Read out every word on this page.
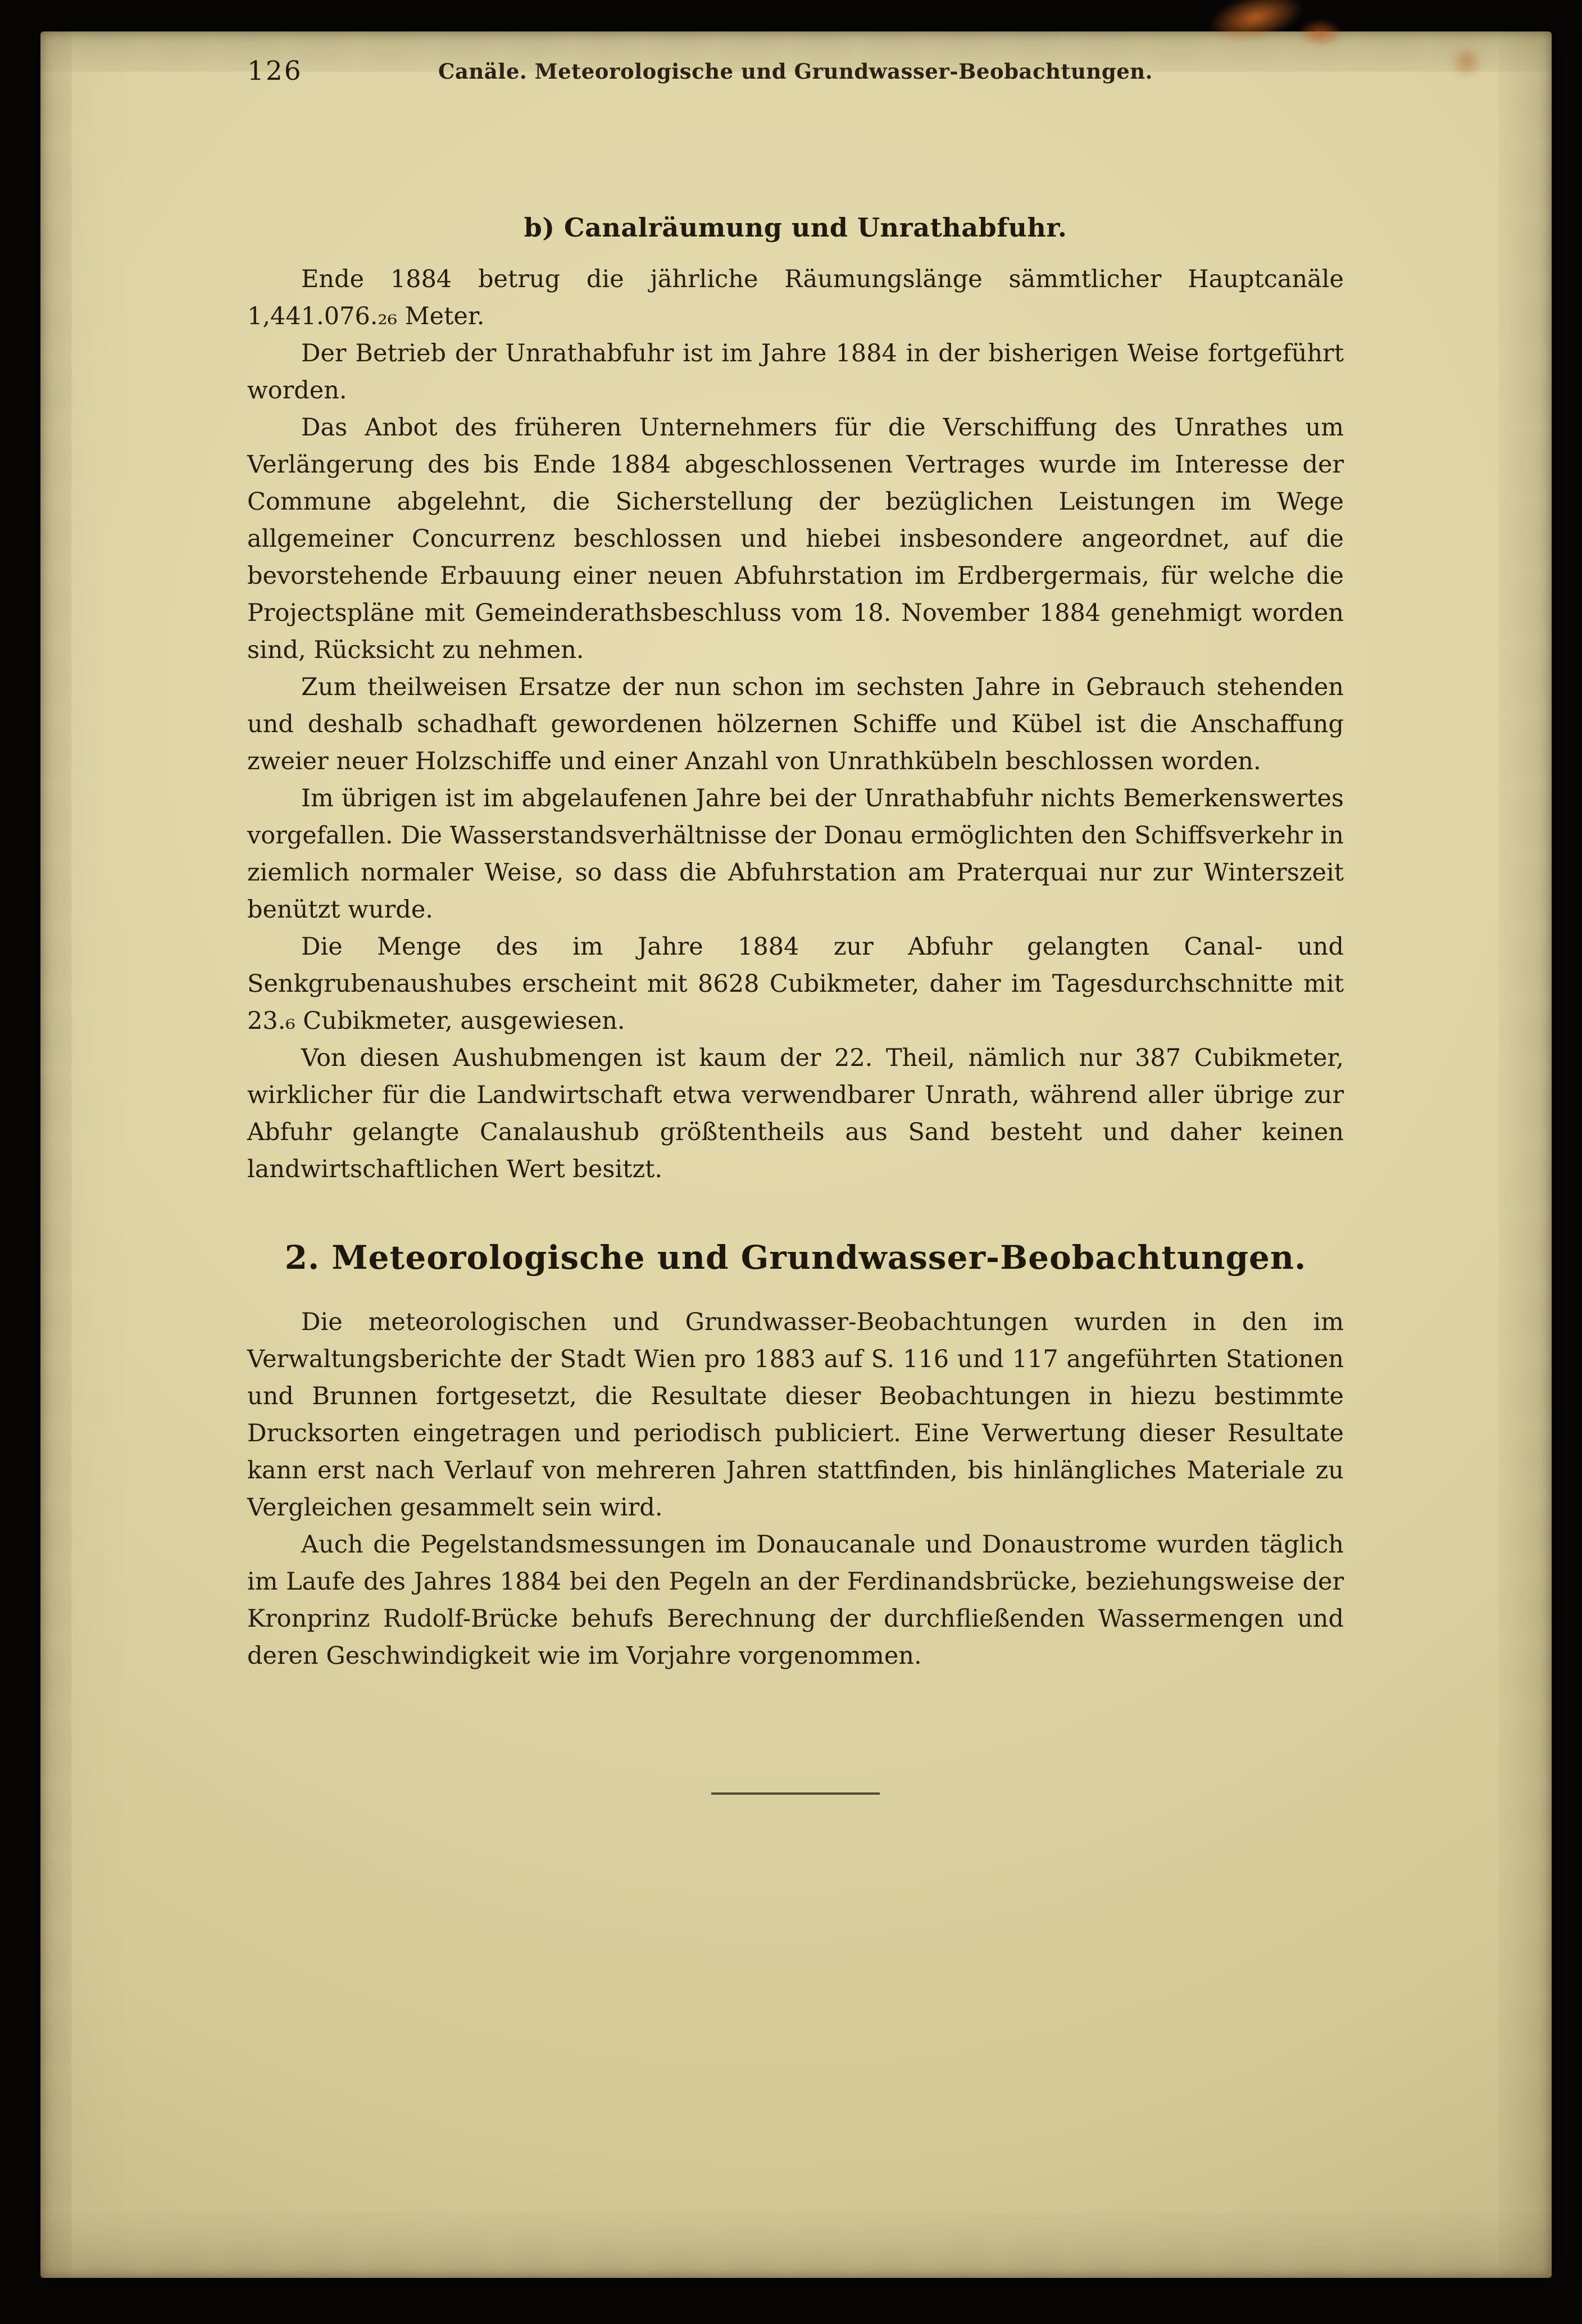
126	Canäle. Meteorologische und Grundwasser-Beobachtungen.
b) Canalräumung und Unrathabfuhr.

Ende 1884 betrug die jährliche Räumungslänge sämmtlicher Hauptcanäle 1,441.076.₂₆ Meter.

Der Betrieb der Unrathabfuhr ist im Jahre 1884 in der bisherigen Weise fortgeführt worden.

Das Anbot des früheren Unternehmers für die Verschiffung des Unrathes um Verlängerung des bis Ende 1884 abgeschlossenen Vertrages wurde im Interesse der Commune abgelehnt, die Sicherstellung der bezüglichen Leistungen im Wege allgemeiner Concurrenz beschlossen und hiebei insbesondere angeordnet, auf die bevorstehende Erbauung einer neuen Abfuhrstation im Erdbergermais, für welche die Projectspläne mit Gemeinderathsbeschluss vom 18. November 1884 genehmigt worden sind, Rücksicht zu nehmen.

Zum theilweisen Ersatze der nun schon im sechsten Jahre in Gebrauch stehenden und deshalb schadhaft gewordenen hölzernen Schiffe und Kübel ist die Anschaffung zweier neuer Holzschiffe und einer Anzahl von Unrathkübeln beschlossen worden.

Im übrigen ist im abgelaufenen Jahre bei der Unrathabfuhr nichts Bemerkenswertes vorgefallen. Die Wasserstandsverhältnisse der Donau ermöglichten den Schiffsverkehr in ziemlich normaler Weise, so dass die Abfuhrstation am Praterquai nur zur Winterszeit benützt wurde.

Die Menge des im Jahre 1884 zur Abfuhr gelangten Canal- und Senkgrubenaushubes erscheint mit 8628 Cubikmeter, daher im Tagesdurchschnitte mit 23.₆ Cubikmeter, ausgewiesen.

Von diesen Aushubmengen ist kaum der 22. Theil, nämlich nur 387 Cubikmeter, wirklicher für die Landwirtschaft etwa verwendbarer Unrath, während aller übrige zur Abfuhr gelangte Canalaushub größtentheils aus Sand besteht und daher keinen landwirtschaftlichen Wert besitzt.

2. Meteorologische und Grundwasser-Beobachtungen.

Die meteorologischen und Grundwasser-Beobachtungen wurden in den im Verwaltungsberichte der Stadt Wien pro 1883 auf S. 116 und 117 angeführten Stationen und Brunnen fortgesetzt, die Resultate dieser Beobachtungen in hiezu bestimmte Drucksorten eingetragen und periodisch publiciert. Eine Verwertung dieser Resultate kann erst nach Verlauf von mehreren Jahren stattfinden, bis hinlängliches Materiale zu Vergleichen gesammelt sein wird.

Auch die Pegelstandsmessungen im Donaucanale und Donaustrome wurden täglich im Laufe des Jahres 1884 bei den Pegeln an der Ferdinandsbrücke, beziehungsweise der Kronprinz Rudolf-Brücke behufs Berechnung der durchfließenden Wassermengen und deren Geschwindigkeit wie im Vorjahre vorgenommen.
